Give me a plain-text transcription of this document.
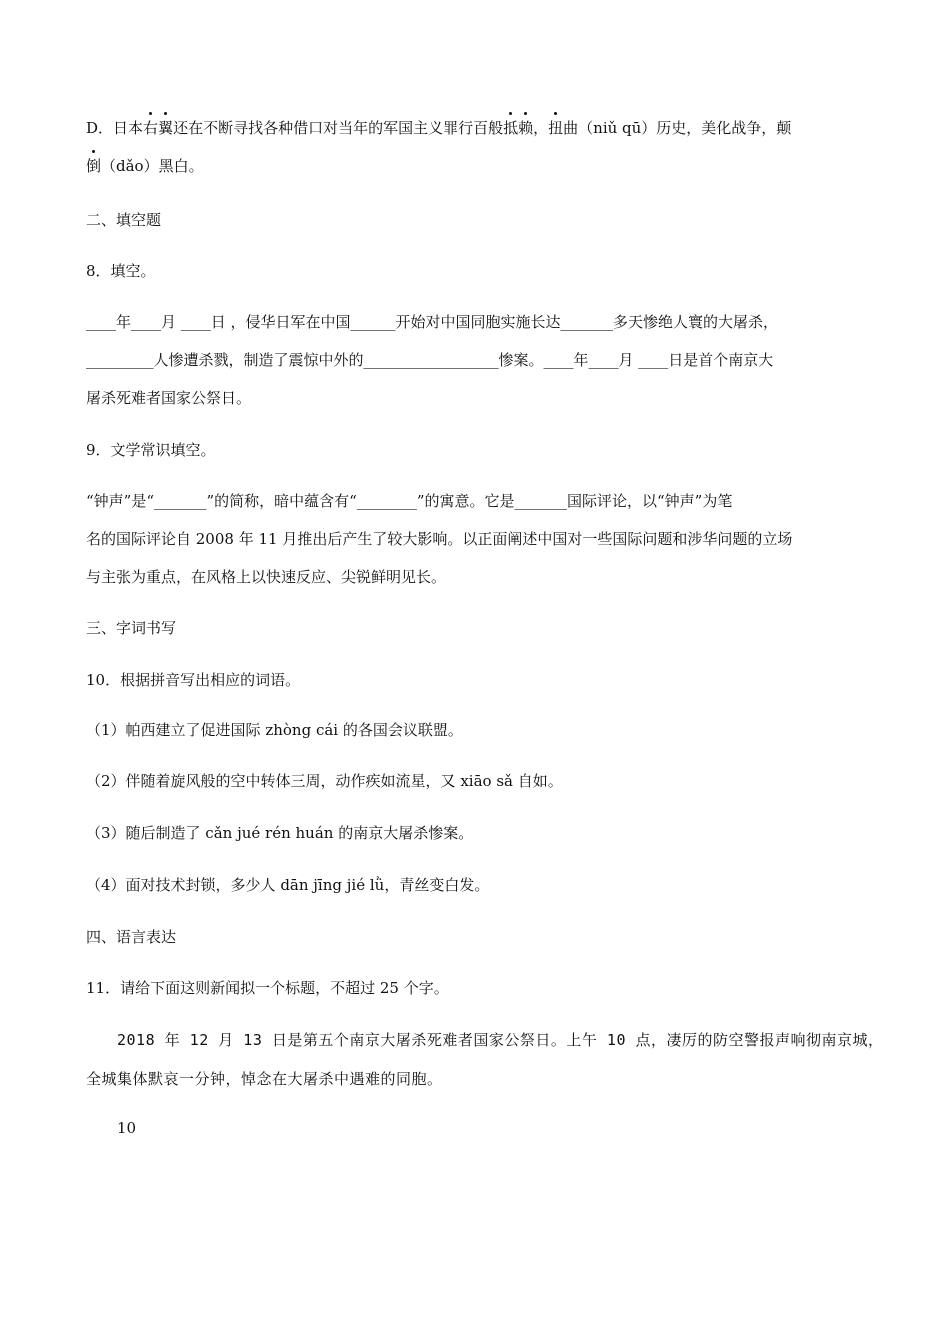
D．日本右翼还在不断寻找各种借口对当年的军国主义罪行百般抵赖，扭曲（niǔ qū）历史，美化战争，颠
倒（dǎo）黑白。
二、填空题
8．填空。
____年____月 ____日 ，侵华日军在中国______开始对中国同胞实施长达_______多天惨绝人寰的大屠杀，
_________人惨遭杀戮，制造了震惊中外的__________________惨案。____年____月 ____日是首个南京大
屠杀死难者国家公祭日。
9．文学常识填空。
“钟声”是“_______”的简称，暗中蕴含有“________”的寓意。它是_______国际评论，以“钟声”为笔
名的国际评论自 2008 年 11 月推出后产生了较大影响。以正面阐述中国对一些国际问题和涉华问题的立场
与主张为重点，在风格上以快速反应、尖锐鲜明见长。
三、字词书写
10．根据拼音写出相应的词语。
（1）帕西建立了促进国际 zhòng cái 的各国会议联盟。
（2）伴随着旋风般的空中转体三周，动作疾如流星，又 xiāo sǎ 自如。
（3）随后制造了 cǎn jué rén huán 的南京大屠杀惨案。
（4）面对技术封锁，多少人 dān jīng jié lǜ，青丝变白发。
四、语言表达
11．请给下面这则新闻拟一个标题，不超过 25 个字。
2018 年 12 月 13 日是第五个南京大屠杀死难者国家公祭日。上午 10 点，凄厉的防空警报声响彻南京城，
全城集体默哀一分钟，悼念在大屠杀中遇难的同胞。
10
